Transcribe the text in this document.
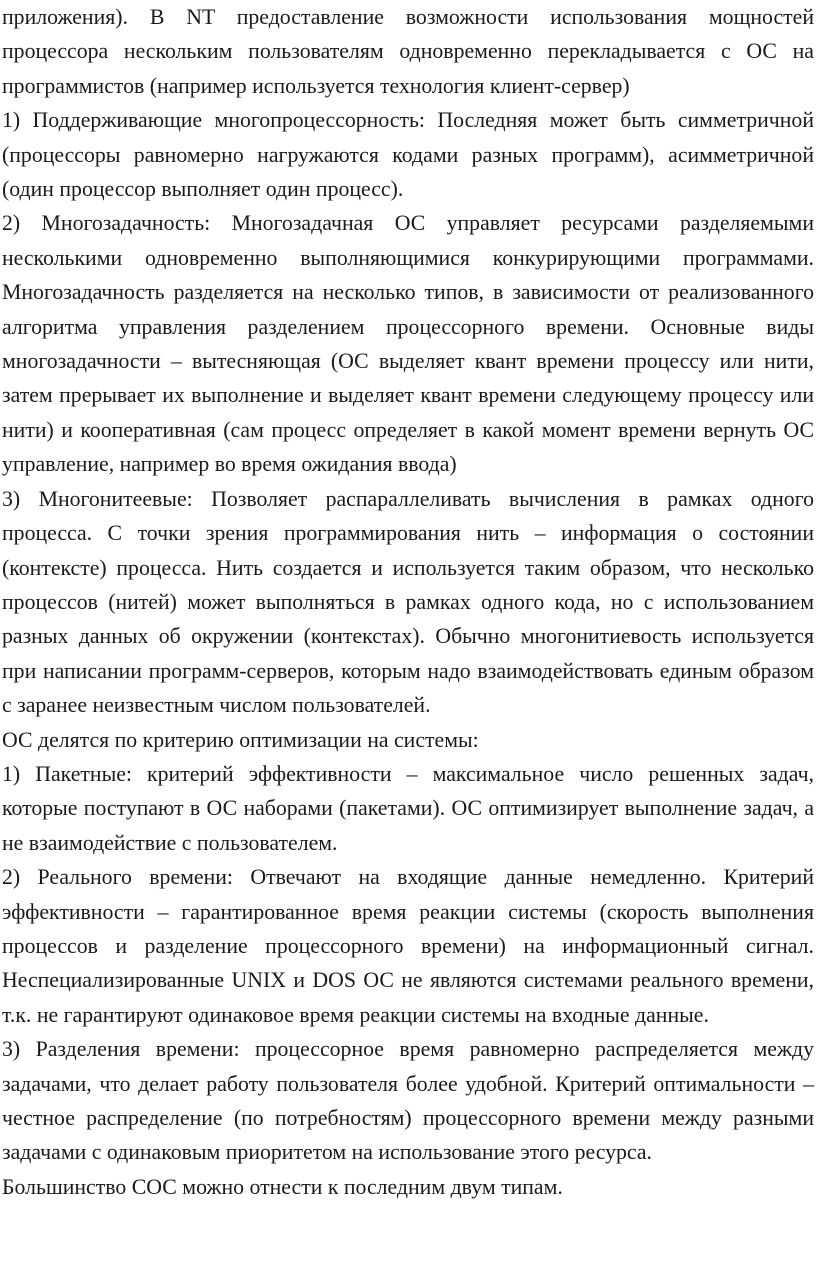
приложения). В NT предоставление возможности использования мощностей процессора нескольким пользователям одновременно перекладывается с ОС на программистов (например используется технология клиент-сервер)

1) Поддерживающие многопроцессорность: Последняя может быть симметричной (процессоры равномерно нагружаются кодами разных программ), асимметричной (один процессор выполняет один процесс).

2) Многозадачность: Многозадачная ОС управляет ресурсами разделяемыми несколькими одновременно выполняющимися конкурирующими программами. Многозадачность разделяется на несколько типов, в зависимости от реализованного алгоритма управления разделением процессорного времени. Основные виды многозадачности – вытесняющая (ОС выделяет квант времени процессу или нити, затем прерывает их выполнение и выделяет квант времени следующему процессу или нити) и кооперативная (сам процесс определяет в какой момент времени вернуть ОС управление, например во время ожидания ввода)

3) Многонитеевые: Позволяет распараллеливать вычисления в рамках одного процесса. С точки зрения программирования нить – информация о состоянии (контексте) процесса. Нить создается и используется таким образом, что несколько процессов (нитей) может выполняться в рамках одного кода, но с использованием разных данных об окружении (контекстах). Обычно многонитиевость используется при написании программ-серверов, которым надо взаимодействовать единым образом с заранее неизвестным числом пользователей.

ОС делятся по критерию оптимизации на системы:

1) Пакетные: критерий эффективности – максимальное число решенных задач, которые поступают в ОС наборами (пакетами). ОС оптимизирует выполнение задач, а не взаимодействие с пользователем.

2) Реального времени: Отвечают на входящие данные немедленно. Критерий эффективности – гарантированное время реакции системы (скорость выполнения процессов и разделение процессорного времени) на информационный сигнал. Неспециализированные UNIX и DOS ОС не являются системами реального времени, т.к. не гарантируют одинаковое время реакции системы на входные данные.

3) Разделения времени: процессорное время равномерно распределяется между задачами, что делает работу пользователя более удобной. Критерий оптимальности – честное распределение (по потребностям) процессорного времени между разными задачами с одинаковым приоритетом на использование этого ресурса.

Большинство СОС можно отнести к последним двум типам.
